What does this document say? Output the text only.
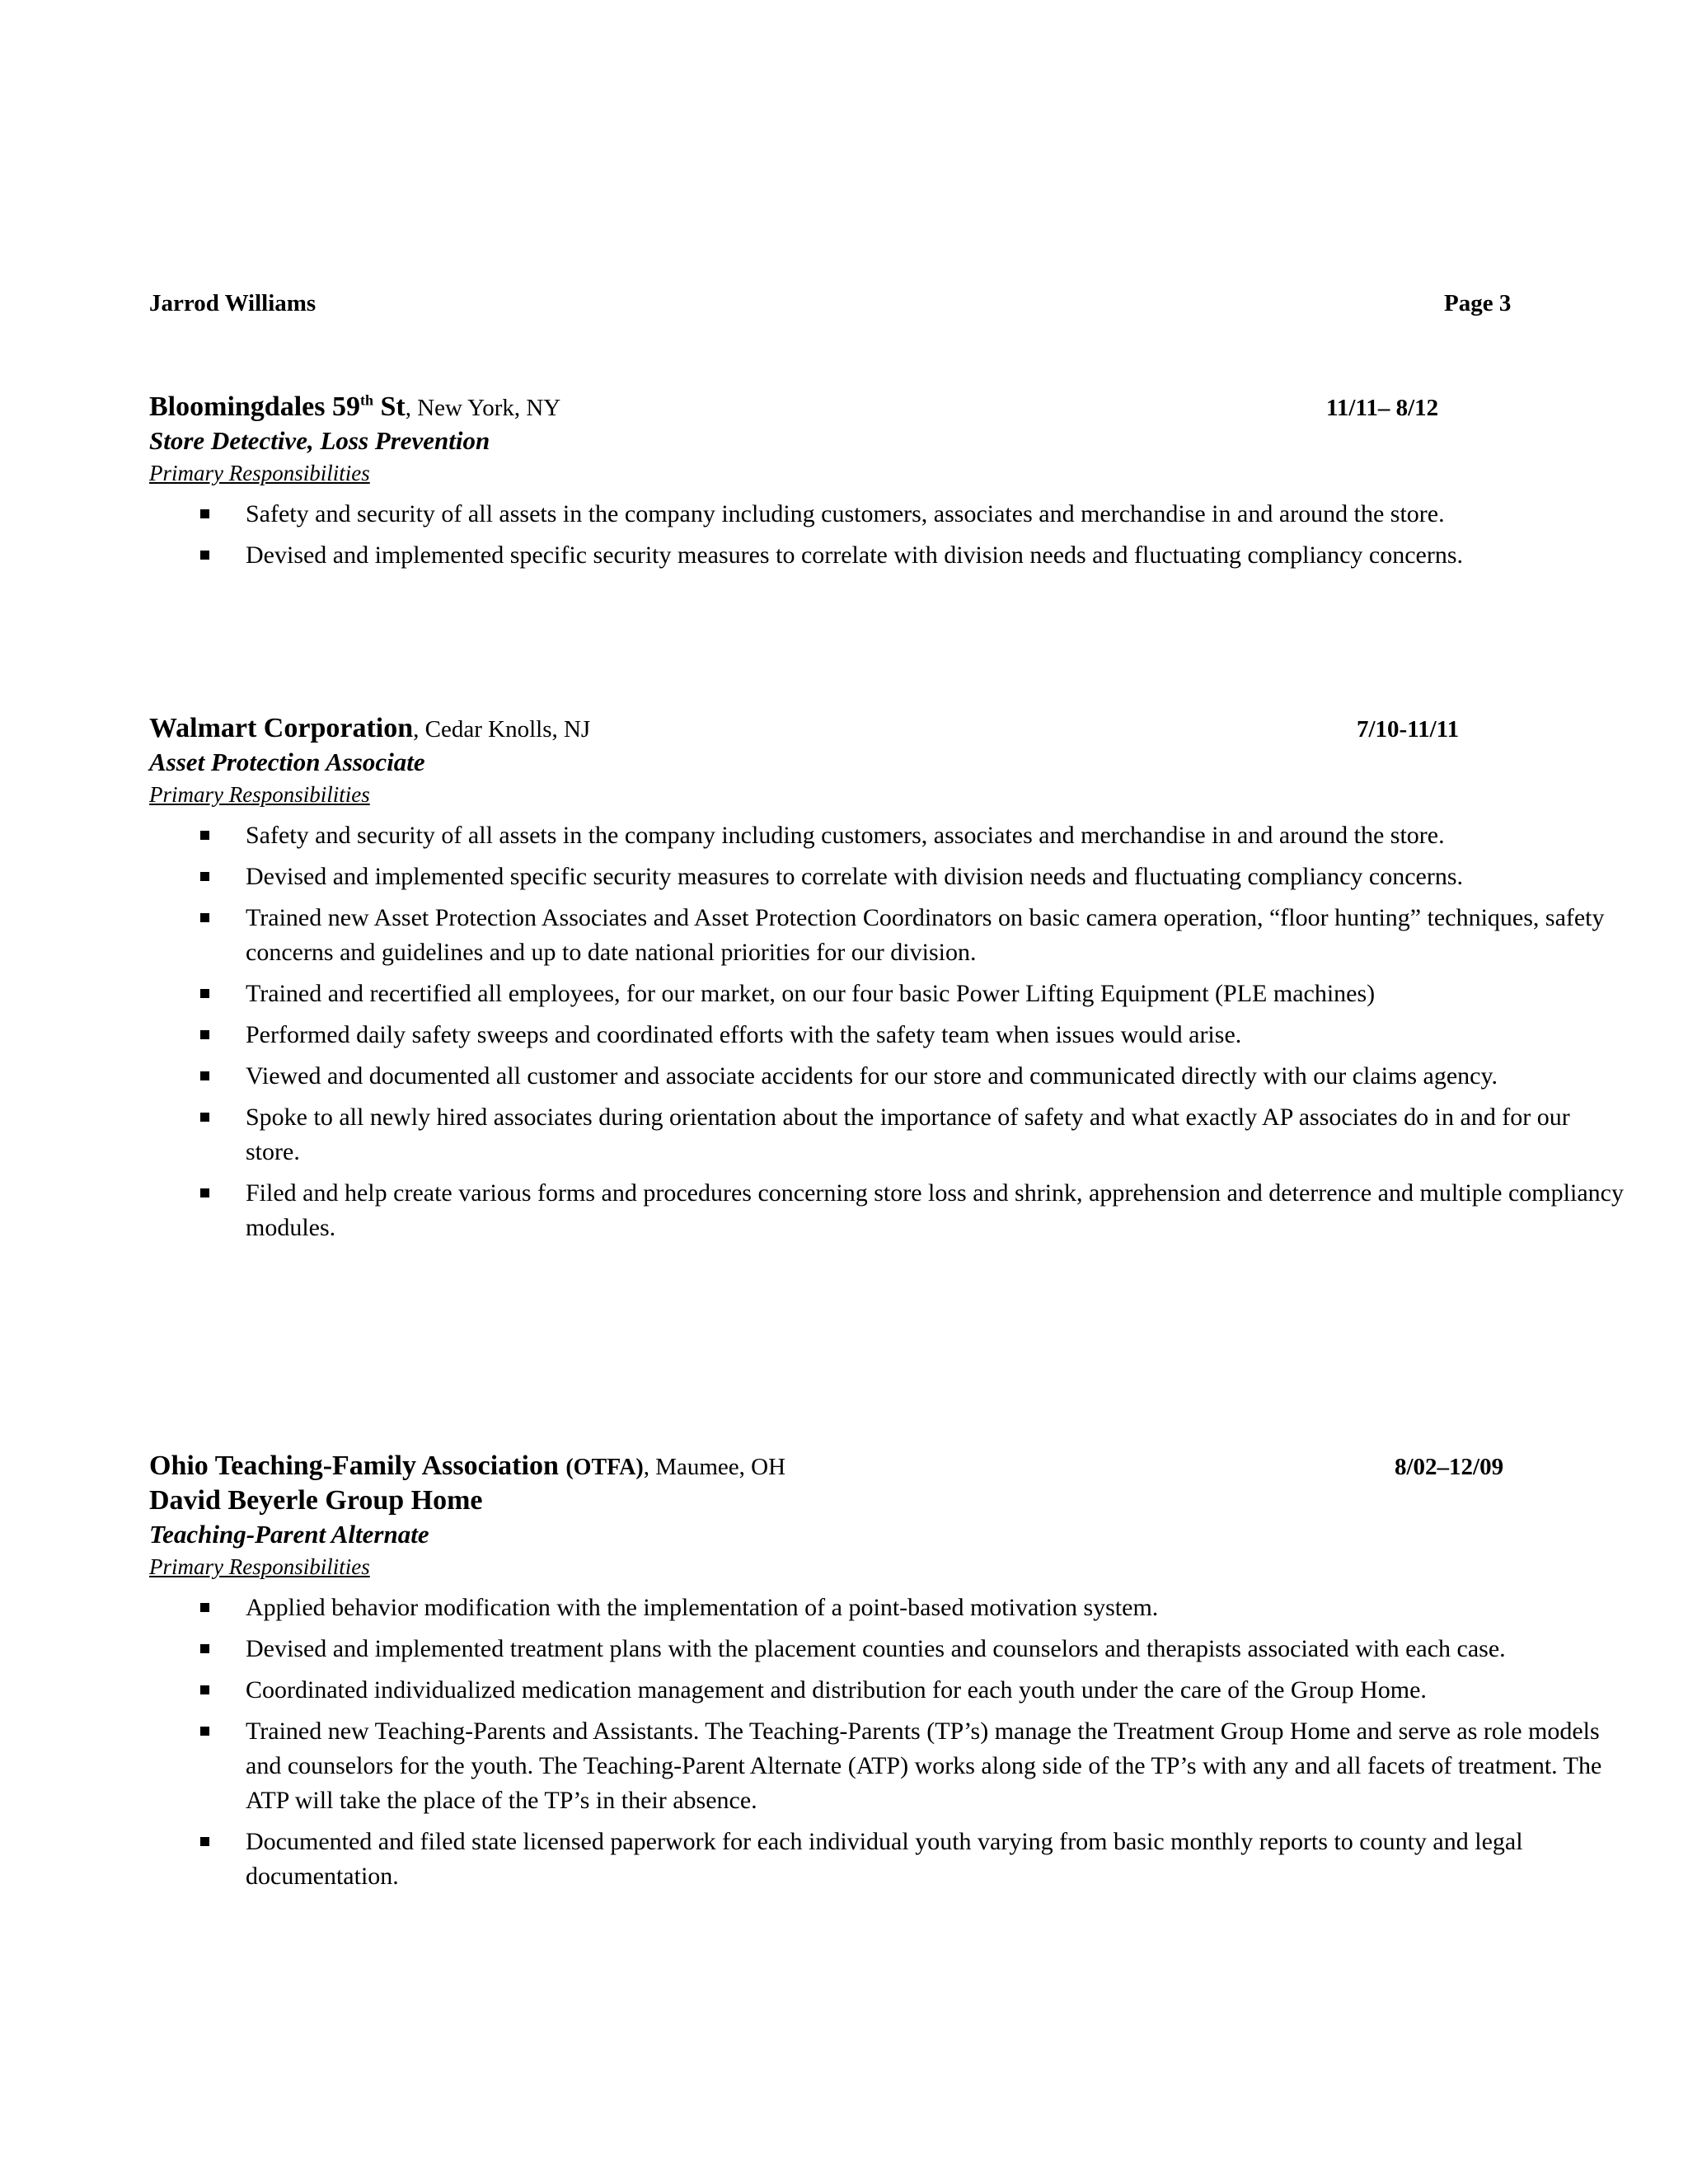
Jarrod Williams	Page 3
Bloomingdales 59th St, New York, NY	11/11– 8/12
Store Detective, Loss Prevention
Primary Responsibilities
Safety and security of all assets in the company including customers, associates and merchandise in and around the store.
Devised and implemented specific security measures to correlate with division needs and fluctuating compliancy concerns.
Walmart Corporation, Cedar Knolls, NJ	7/10-11/11
Asset Protection Associate
Primary Responsibilities
Safety and security of all assets in the company including customers, associates and merchandise in and around the store.
Devised and implemented specific security measures to correlate with division needs and fluctuating compliancy concerns.
Trained new Asset Protection Associates and Asset Protection Coordinators on basic camera operation, “floor hunting” techniques, safety concerns and guidelines and up to date national priorities for our division.
Trained and recertified all employees, for our market, on our four basic Power Lifting Equipment (PLE machines)
Performed daily safety sweeps and coordinated efforts with the safety team when issues would arise.
Viewed and documented all customer and associate accidents for our store and communicated directly with our claims agency.
Spoke to all newly hired associates during orientation about the importance of safety and what exactly AP associates do in and for our store.
Filed and help create various forms and procedures concerning store loss and shrink, apprehension and deterrence and multiple compliancy modules.
Ohio Teaching-Family Association (OTFA), Maumee, OH	8/02–12/09
David Beyerle Group Home
Teaching-Parent Alternate
Primary Responsibilities
Applied behavior modification with the implementation of a point-based motivation system.
Devised and implemented treatment plans with the placement counties and counselors and therapists associated with each case.
Coordinated individualized medication management and distribution for each youth under the care of the Group Home.
Trained new Teaching-Parents and Assistants. The Teaching-Parents (TP’s) manage the Treatment Group Home and serve as role models and counselors for the youth. The Teaching-Parent Alternate (ATP) works along side of the TP’s with any and all facets of treatment. The ATP will take the place of the TP’s in their absence.
Documented and filed state licensed paperwork for each individual youth varying from basic monthly reports to county and legal documentation.
